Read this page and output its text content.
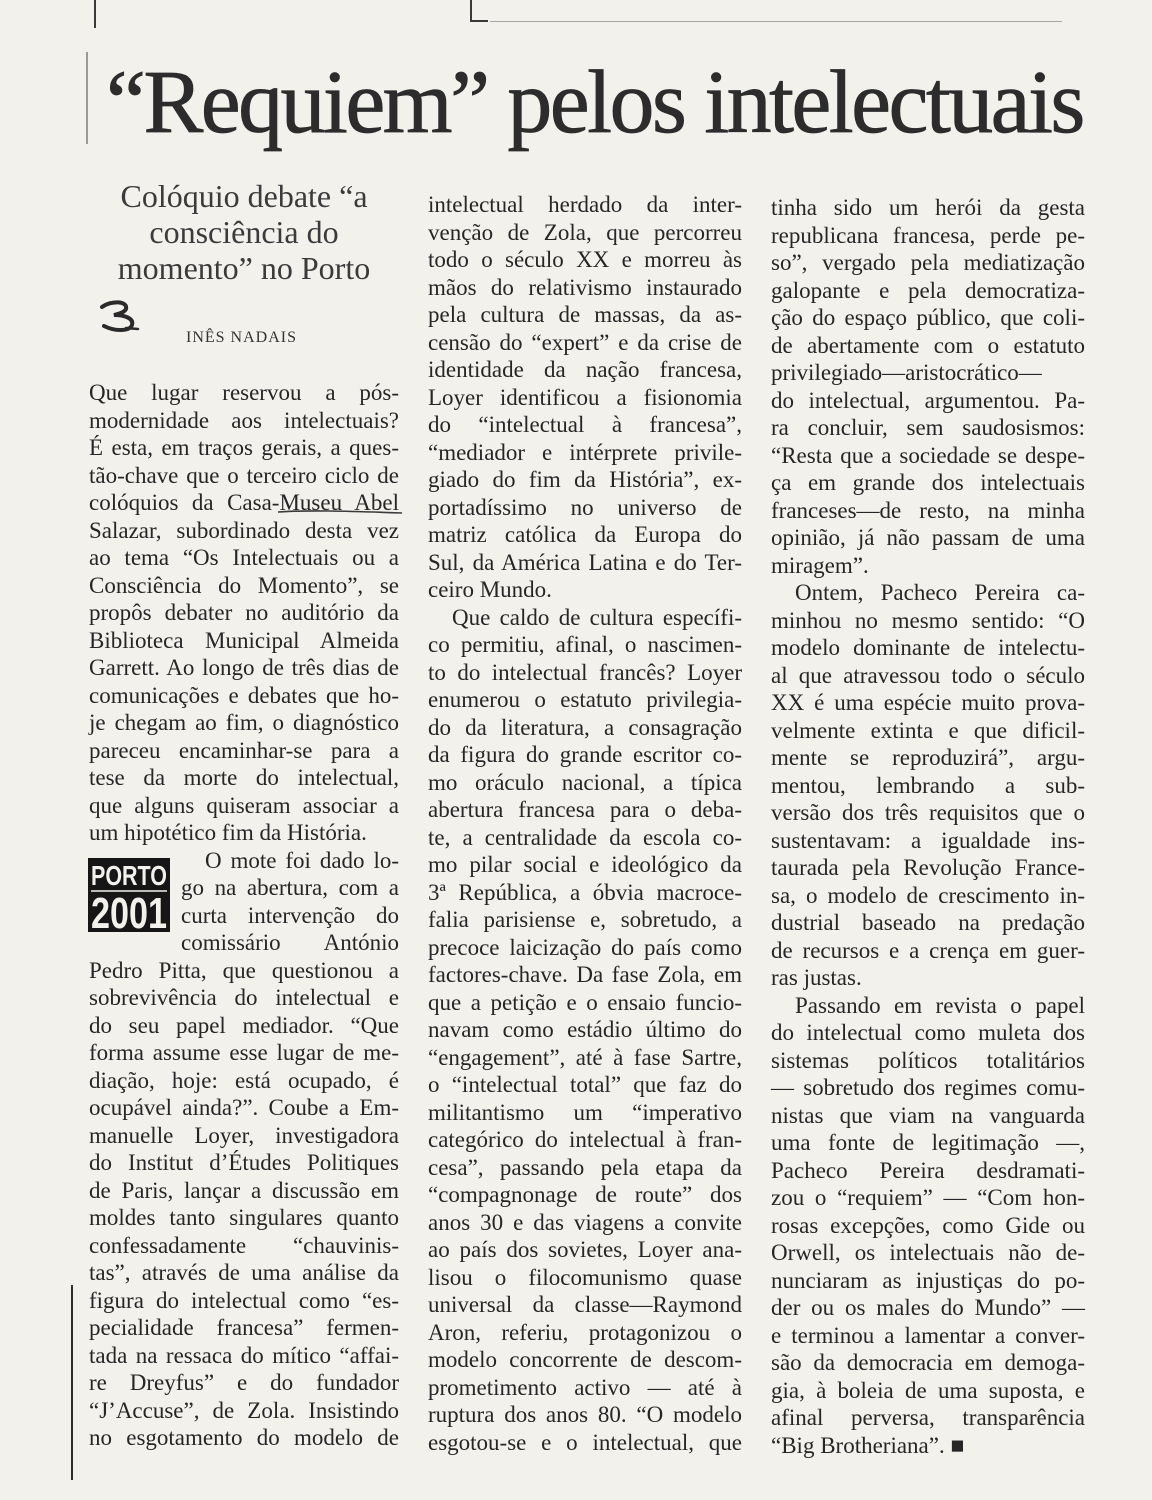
“Requiem” pelos intelectuais
Colóquio debate “a
consciência do
momento” no Porto
INÊS NADAIS
PORTO
2001
Que lugar reservou a pós-
modernidade aos intelectuais?
É esta, em traços gerais, a ques-
tão-chave que o terceiro ciclo de
colóquios da Casa-Museu Abel
Salazar, subordinado desta vez
ao tema “Os Intelectuais ou a
Consciência do Momento”, se
propôs debater no auditório da
Biblioteca Municipal Almeida
Garrett. Ao longo de três dias de
comunicações e debates que ho-
je chegam ao fim, o diagnóstico
pareceu encaminhar-se para a
tese da morte do intelectual,
que alguns quiseram associar a
um hipotético fim da História.
O mote foi dado lo-
go na abertura, com a
curta intervenção do
comissário António
Pedro Pitta, que questionou a
sobrevivência do intelectual e
do seu papel mediador. “Que
forma assume esse lugar de me-
diação, hoje: está ocupado, é
ocupável ainda?”. Coube a Em-
manuelle Loyer, investigadora
do Institut d’Études Politiques
de Paris, lançar a discussão em
moldes tanto singulares quanto
confessadamente “chauvinis-
tas”, através de uma análise da
figura do intelectual como “es-
pecialidade francesa” fermen-
tada na ressaca do mítico “affai-
re Dreyfus” e do fundador
“J’Accuse”, de Zola. Insistindo
no esgotamento do modelo de
intelectual herdado da inter-
venção de Zola, que percorreu
todo o século XX e morreu às
mãos do relativismo instaurado
pela cultura de massas, da as-
censão do “expert” e da crise de
identidade da nação francesa,
Loyer identificou a fisionomia
do “intelectual à francesa”,
“mediador e intérprete privile-
giado do fim da História”, ex-
portadíssimo no universo de
matriz católica da Europa do
Sul, da América Latina e do Ter-
ceiro Mundo.
Que caldo de cultura específi-
co permitiu, afinal, o nascimen-
to do intelectual francês? Loyer
enumerou o estatuto privilegia-
do da literatura, a consagração
da figura do grande escritor co-
mo oráculo nacional, a típica
abertura francesa para o deba-
te, a centralidade da escola co-
mo pilar social e ideológico da
3ª República, a óbvia macroce-
falia parisiense e, sobretudo, a
precoce laicização do país como
factores-chave. Da fase Zola, em
que a petição e o ensaio funcio-
navam como estádio último do
“engagement”, até à fase Sartre,
o “intelectual total” que faz do
militantismo um “imperativo
categórico do intelectual à fran-
cesa”, passando pela etapa da
“compagnonage de route” dos
anos 30 e das viagens a convite
ao país dos sovietes, Loyer ana-
lisou o filocomunismo quase
universal da classe—Raymond
Aron, referiu, protagonizou o
modelo concorrente de descom-
prometimento activo — até à
ruptura dos anos 80. “O modelo
esgotou-se e o intelectual, que
tinha sido um herói da gesta
republicana francesa, perde pe-
so”, vergado pela mediatização
galopante e pela democratiza-
ção do espaço público, que coli-
de abertamente com o estatuto
privilegiado—aristocrático—
do intelectual, argumentou. Pa-
ra concluir, sem saudosismos:
“Resta que a sociedade se despe-
ça em grande dos intelectuais
franceses—de resto, na minha
opinião, já não passam de uma
miragem”.
Ontem, Pacheco Pereira ca-
minhou no mesmo sentido: “O
modelo dominante de intelectu-
al que atravessou todo o século
XX é uma espécie muito prova-
velmente extinta e que dificil-
mente se reproduzirá”, argu-
mentou, lembrando a sub-
versão dos três requisitos que o
sustentavam: a igualdade ins-
taurada pela Revolução France-
sa, o modelo de crescimento in-
dustrial baseado na predação
de recursos e a crença em guer-
ras justas.
Passando em revista o papel
do intelectual como muleta dos
sistemas políticos totalitários
— sobretudo dos regimes comu-
nistas que viam na vanguarda
uma fonte de legitimação —,
Pacheco Pereira desdramati-
zou o “requiem” — “Com hon-
rosas excepções, como Gide ou
Orwell, os intelectuais não de-
nunciaram as injustiças do po-
der ou os males do Mundo” —
e terminou a lamentar a conver-
são da democracia em demoga-
gia, à boleia de uma suposta, e
afinal perversa, transparência
“Big Brotheriana”. ■
